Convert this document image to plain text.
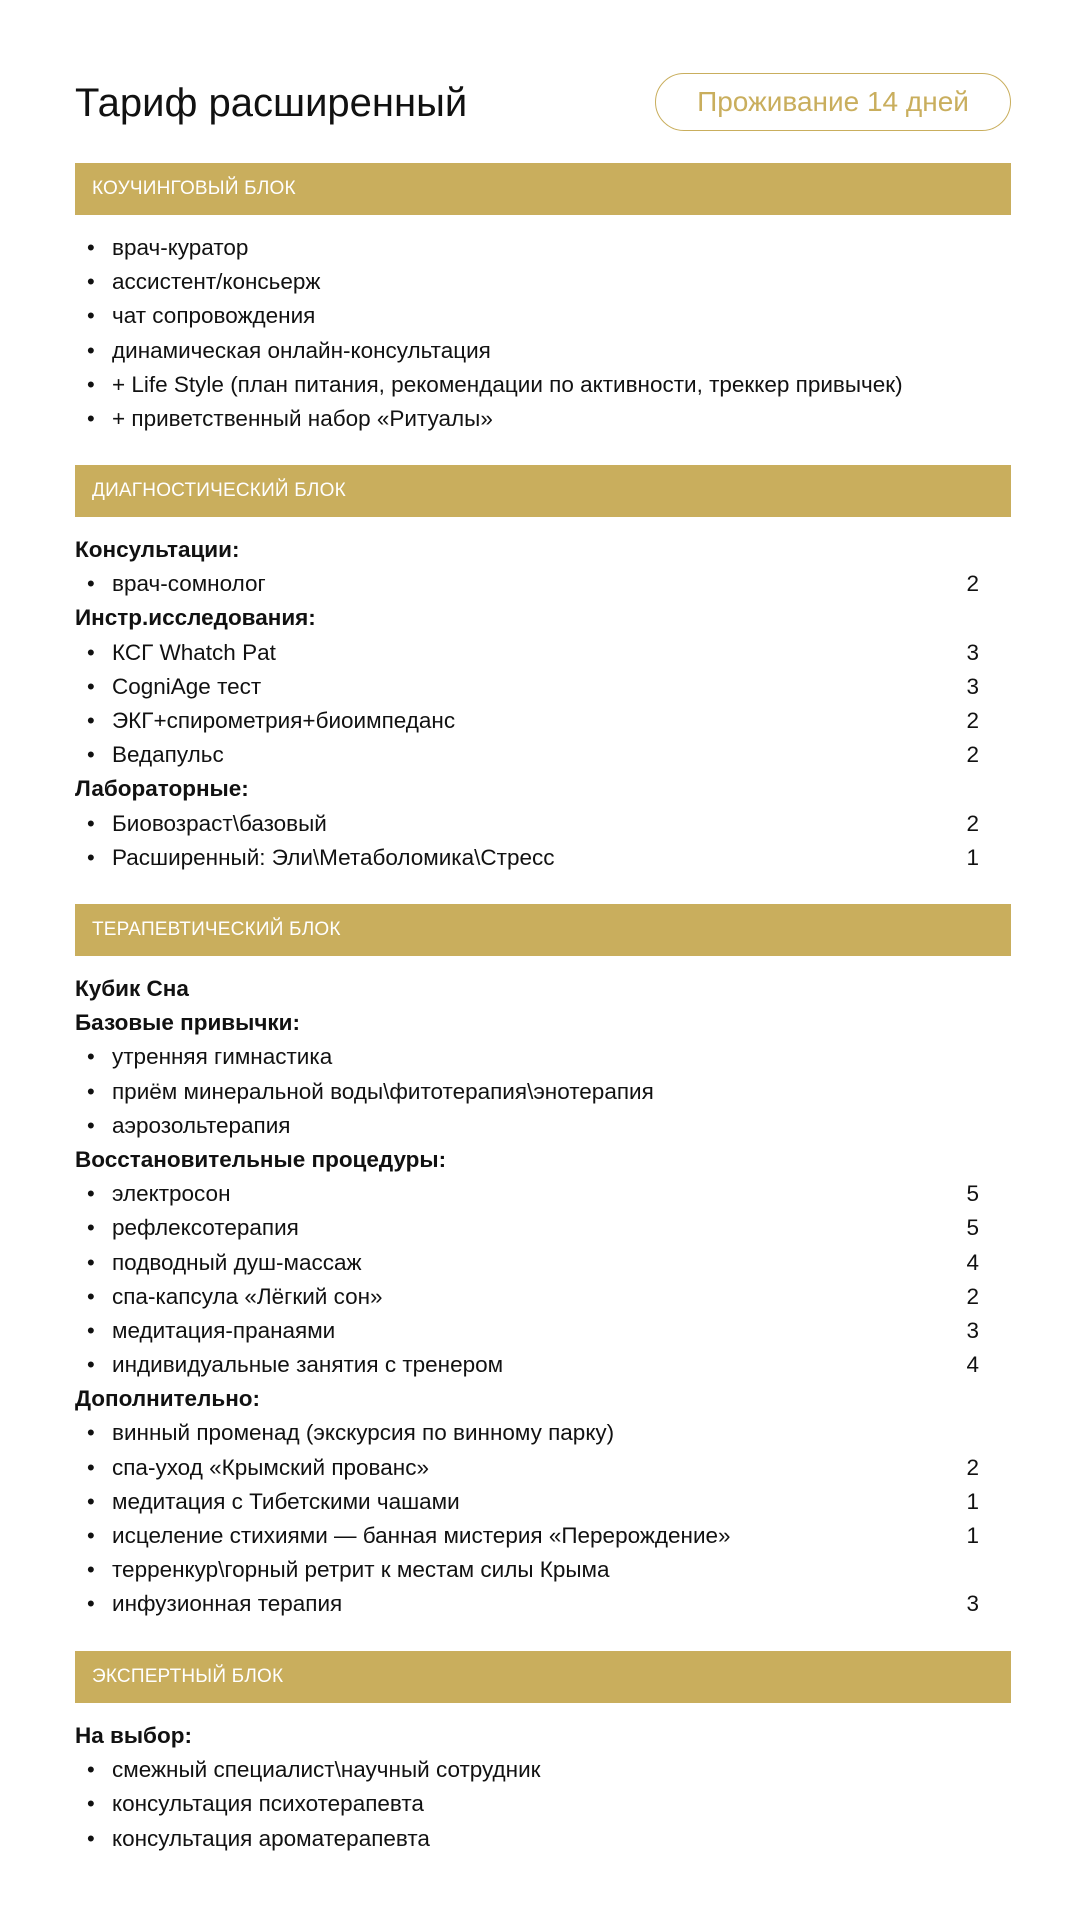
Тариф расширенный	Проживание 14 дней
КОУЧИНГОВЫЙ БЛОК
• врач-куратор
• ассистент/консьерж
• чат сопровождения
• динамическая онлайн-консультация
• + Life Style (план питания, рекомендации по активности, треккер привычек)
• + приветственный набор «Ритуалы»
ДИАГНОСТИЧЕСКИЙ БЛОК
Консультации:
• врач-сомнолог	2
Инстр.исследования:
• КСГ Whatch Pat	3
• CogniAge тест	3
• ЭКГ+спирометрия+биоимпеданс	2
• Ведапульс	2
Лабораторные:
• Биовозраст\базовый	2
• Расширенный: Эли\Метаболомика\Стресс	1
ТЕРАПЕВТИЧЕСКИЙ БЛОК
Кубик Сна
Базовые привычки:
• утренняя гимнастика
• приём минеральной воды\фитотерапия\энотерапия
• аэрозольтерапия
Восстановительные процедуры:
• электросон	5
• рефлексотерапия	5
• подводный душ-массаж	4
• спа-капсула «Лёгкий сон»	2
• медитация-пранаями	3
• индивидуальные занятия с тренером	4
Дополнительно:
• винный променад (экскурсия по винному парку)
• спа-уход «Крымский прованс»	2
• медитация с Тибетскими чашами	1
• исцеление стихиями — банная мистерия «Перерождение»	1
• терренкур\горный ретрит к местам силы Крыма
• инфузионная терапия	3
ЭКСПЕРТНЫЙ БЛОК
На выбор:
• смежный специалист\научный сотрудник
• консультация психотерапевта
• консультация ароматерапевта
